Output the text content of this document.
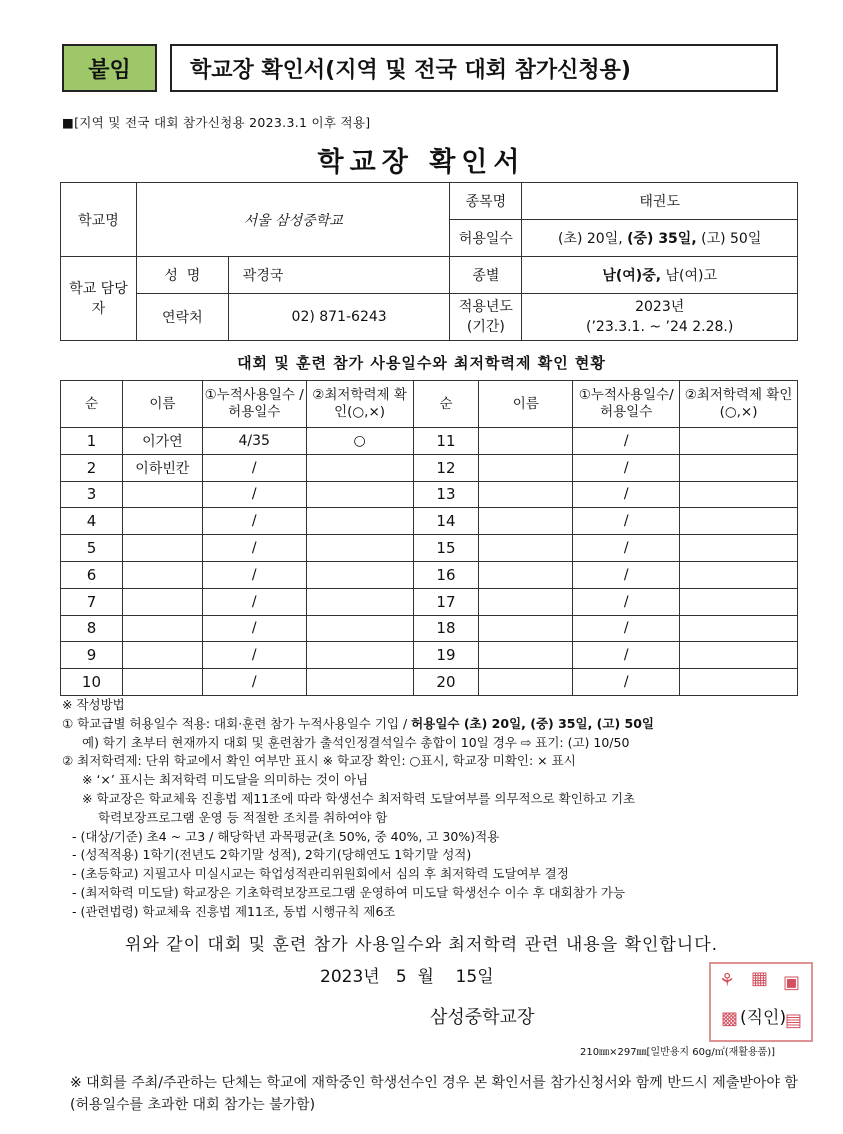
붙임	학교장 확인서(지역 및 전국 대회 참가신청용)
■[지역 및 전국 대회 참가신청용 2023.3.1 이후 적용]
학교장 확인서
학교명	서울 삼성중학교		종목명	태권도
			허용일수	(초) 20일, (중) 35일, (고) 50일
학교 담당자	성  명	곽경국	종별	남(여)중, 남(여)고
	연락처	02) 871-6243	적용년도 (기간)	2023년
(’23.3.1. ~ ’24 2.28.)
대회 및 훈련 참가 사용일수와 최저학력제 확인 현황
순	이름	①누적사용일수 /허용일수	②최저학력제 확인(○,×)	순	이름	①누적사용일수/ 허용일수	②최저학력제 확인(○,×)
1	이가연	4/35	○	11		/	
2	이하빈칸	/		12		/	
3		/		13		/	
4		/		14		/	
5		/		15		/	
6		/		16		/	
7		/		17		/	
8		/		18		/	
9		/		19		/	
10		/		20		/	
※ 작성방법
① 학교급별 허용일수 적용: 대회·훈련 참가 누적사용일수 기입 / 허용일수 (초) 20일, (중) 35일, (고) 50일
예) 학기 초부터 현재까지 대회 및 훈련참가 출석인정결석일수 총합이 10일 경우 ⇨ 표기: (고) 10/50
② 최저학력제: 단위 학교에서 확인 여부만 표시 ※ 학교장 확인: ○표시, 학교장 미확인: × 표시
※ ‘×’ 표시는 최저학력 미도달을 의미하는 것이 아님
※ 학교장은 학교체육 진흥법 제11조에 따라 학생선수 최저학력 도달여부를 의무적으로 확인하고 기초
학력보장프로그램 운영 등 적절한 조치를 취하여야 함
- (대상/기준) 초4 ~ 고3 / 해당학년 과목평균(초 50%, 중 40%, 고 30%)적용
- (성적적용) 1학기(전년도 2학기말 성적), 2학기(당해연도 1학기말 성적)
- (초등학교) 지필고사 미실시교는 학업성적관리위원회에서 심의 후 최저학력 도달여부 결정
- (최저학력 미도달) 학교장은 기초학력보장프로그램 운영하여 미도달 학생선수 이수 후 대회참가 가능
- (관련법령) 학교체육 진흥법 제11조, 동법 시행규칙 제6조
위와 같이 대회 및 훈련 참가 사용일수와 최저학력 관련 내용을 확인합니다.
2023년   5  월    15일
삼성중학교장
⚘ ▦ ▣
▩	▤
(직인)
210㎜×297㎜[일반용지 60g/㎡(재활용품)]
※ 대회를 주최/주관하는 단체는 학교에 재학중인 학생선수인 경우 본 확인서를 참가신청서와 함께 반드시 제출받아야 함(허용일수를 초과한 대회 참가는 불가함)
